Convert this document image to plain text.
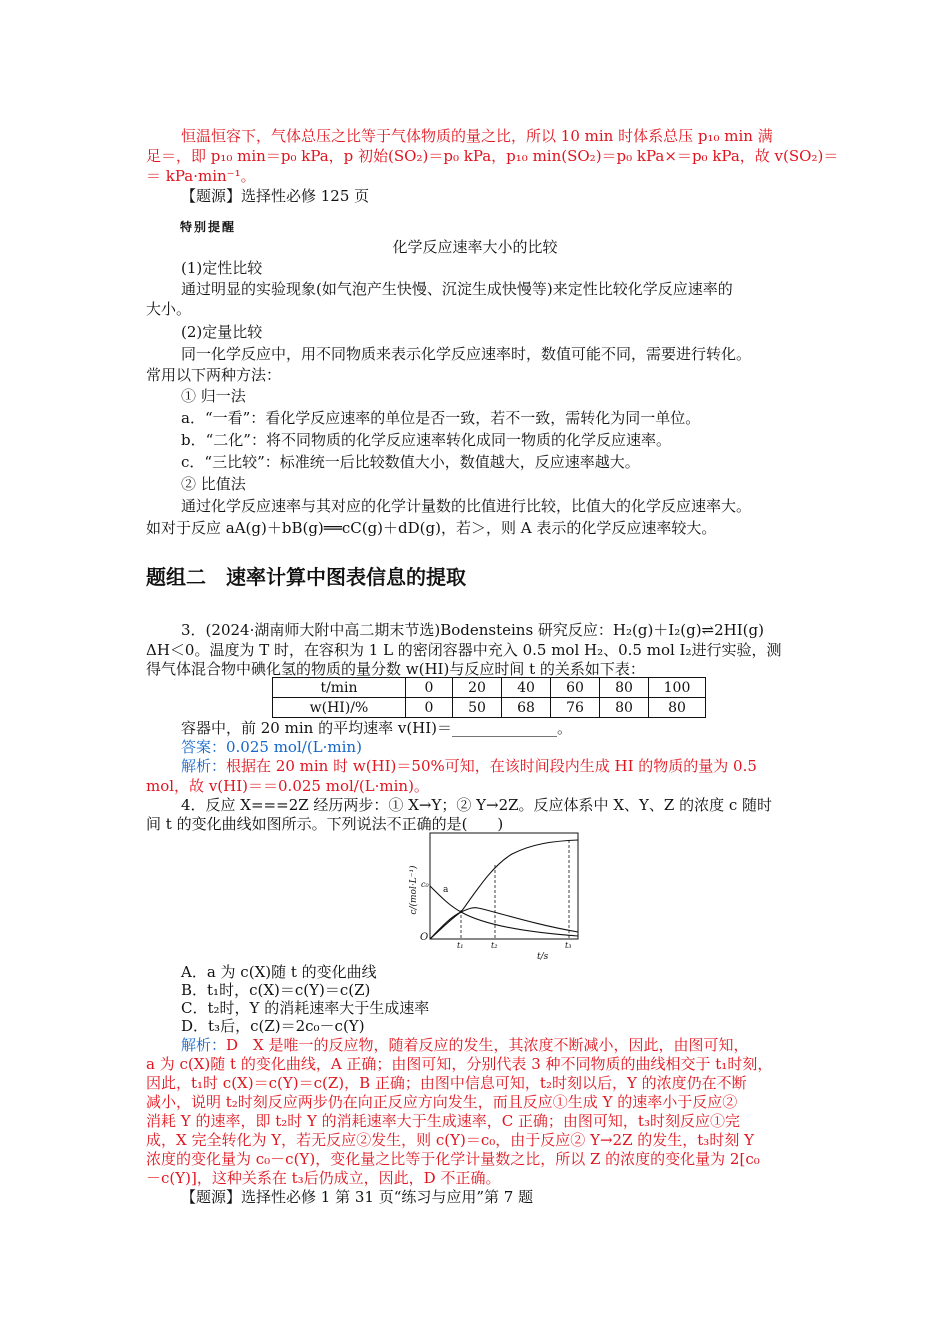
恒温恒容下，气体总压之比等于气体物质的量之比，所以 10 min 时体系总压 p₁₀ min 满

足＝，即 p₁₀ min＝p₀ kPa，p 初始(SO₂)＝p₀ kPa，p₁₀ min(SO₂)＝p₀ kPa×＝p₀ kPa，故 v(SO₂)＝

＝ kPa·min⁻¹。

【题源】选择性必修 125 页

特别提醒
化学反应速率大小的比较

(1)定性比较

通过明显的实验现象(如气泡产生快慢、沉淀生成快慢等)来定性比较化学反应速率的

大小。

(2)定量比较

同一化学反应中，用不同物质来表示化学反应速率时，数值可能不同，需要进行转化。

常用以下两种方法：

① 归一法

a．“一看”：看化学反应速率的单位是否一致，若不一致，需转化为同一单位。

b．“二化”：将不同物质的化学反应速率转化成同一物质的化学反应速率。

c．“三比较”：标准统一后比较数值大小，数值越大，反应速率越大。

② 比值法

通过化学反应速率与其对应的化学计量数的比值进行比较，比值大的化学反应速率大。

如对于反应 aA(g)＋bB(g)══cC(g)＋dD(g)，若＞，则 A 表示的化学反应速率较大。

题组二　速率计算中图表信息的提取

3．(2024·湖南师大附中高二期末节选)Bodensteins 研究反应：H₂(g)＋I₂(g)⇌2HI(g)

ΔH＜0。温度为 T 时，在容积为 1 L 的密闭容器中充入 0.5 mol H₂、0.5 mol I₂进行实验，测

得气体混合物中碘化氢的物质的量分数 w(HI)与反应时间 t 的关系如下表：

t/min	0	20	40	60	80	100
w(HI)/%	0	50	68	76	80	80

容器中，前 20 min 的平均速率 v(HI)＝______________。

答案：0.025 mol/(L·min)

解析：根据在 20 min 时 w(HI)＝50%可知，在该时间段内生成 HI 的物质的量为 0.5

mol，故 v(HI)＝＝0.025 mol/(L·min)。

4．反应 X===2Z 经历两步：① X→Y；② Y→2Z。反应体系中 X、Y、Z 的浓度 c 随时

间 t 的变化曲线如图所示。下列说法不正确的是(　　)

c/(mol·L⁻¹) c₀
a
O
t₁	t₂	t₃
t/s

A．a 为 c(X)随 t 的变化曲线

B．t₁时，c(X)＝c(Y)＝c(Z)

C．t₂时，Y 的消耗速率大于生成速率

D．t₃后，c(Z)＝2c₀－c(Y)

解析：D　X 是唯一的反应物，随着反应的发生，其浓度不断减小，因此，由图可知，

a 为 c(X)随 t 的变化曲线，A 正确；由图可知，分别代表 3 种不同物质的曲线相交于 t₁时刻，

因此，t₁时 c(X)＝c(Y)＝c(Z)，B 正确；由图中信息可知，t₂时刻以后，Y 的浓度仍在不断

减小，说明 t₂时刻反应两步仍在向正反应方向发生，而且反应①生成 Y 的速率小于反应②

消耗 Y 的速率，即 t₂时 Y 的消耗速率大于生成速率，C 正确；由图可知，t₃时刻反应①完

成，X 完全转化为 Y，若无反应②发生，则 c(Y)＝c₀，由于反应② Y→2Z 的发生，t₃时刻 Y

浓度的变化量为 c₀－c(Y)，变化量之比等于化学计量数之比，所以 Z 的浓度的变化量为 2[c₀

－c(Y)]，这种关系在 t₃后仍成立，因此，D 不正确。

【题源】选择性必修 1 第 31 页“练习与应用”第 7 题
